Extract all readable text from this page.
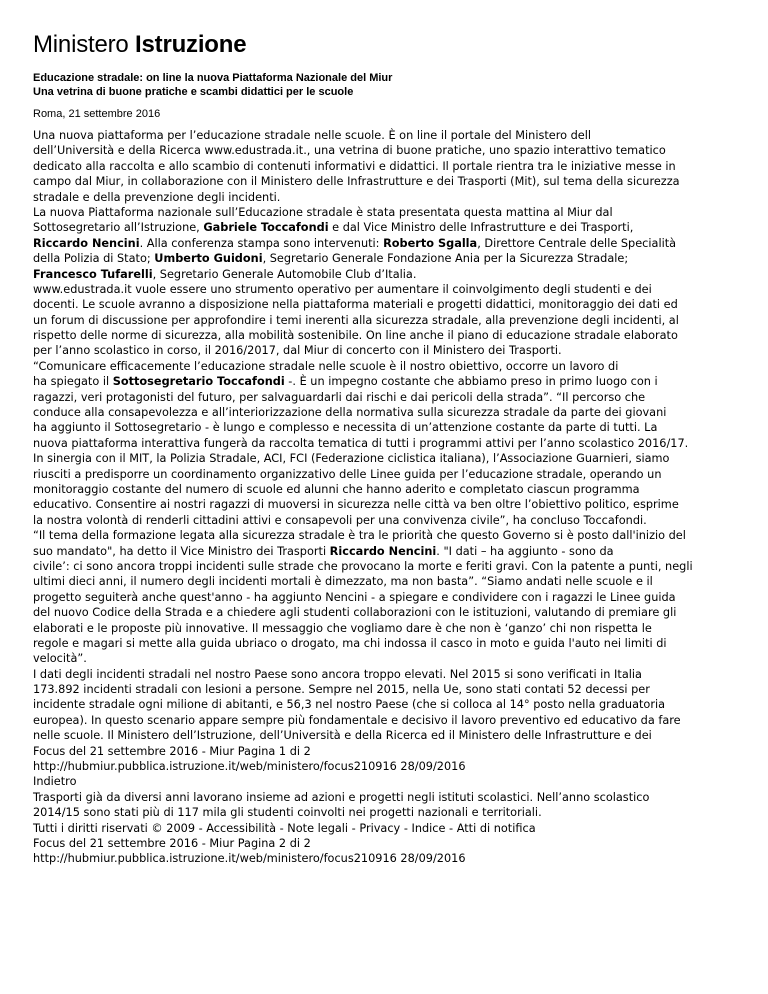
Ministero Istruzione
Educazione stradale: on line la nuova Piattaforma Nazionale del Miur
Una vetrina di buone pratiche e scambi didattici per le scuole
Roma, 21 settembre 2016
Una nuova piattaforma per l’educazione stradale nelle scuole. È on line il portale del Ministero dell
dell’Università e della Ricerca www.edustrada.it., una vetrina di buone pratiche, uno spazio interattivo tematico
dedicato alla raccolta e allo scambio di contenuti informativi e didattici. Il portale rientra tra le iniziative messe in
campo dal Miur, in collaborazione con il Ministero delle Infrastrutture e dei Trasporti (Mit), sul tema della sicurezza
stradale e della prevenzione degli incidenti.
La nuova Piattaforma nazionale sull’Educazione stradale è stata presentata questa mattina al Miur dal
Sottosegretario all’Istruzione, Gabriele Toccafondi e dal Vice Ministro delle Infrastrutture e dei Trasporti,
Riccardo Nencini. Alla conferenza stampa sono intervenuti: Roberto Sgalla, Direttore Centrale delle Specialità
della Polizia di Stato; Umberto Guidoni, Segretario Generale Fondazione Ania per la Sicurezza Stradale;
Francesco Tufarelli, Segretario Generale Automobile Club d’Italia.
www.edustrada.it vuole essere uno strumento operativo per aumentare il coinvolgimento degli studenti e dei
docenti. Le scuole avranno a disposizione nella piattaforma materiali e progetti didattici, monitoraggio dei dati ed
un forum di discussione per approfondire i temi inerenti alla sicurezza stradale, alla prevenzione degli incidenti, al
rispetto delle norme di sicurezza, alla mobilità sostenibile. On line anche il piano di educazione stradale elaborato
per l’anno scolastico in corso, il 2016/2017, dal Miur di concerto con il Ministero dei Trasporti.
“Comunicare efficacemente l’educazione stradale nelle scuole è il nostro obiettivo, occorre un lavoro di
ha spiegato il Sottosegretario Toccafondi -. È un impegno costante che abbiamo preso in primo luogo con i
ragazzi, veri protagonisti del futuro, per salvaguardarli dai rischi e dai pericoli della strada”. “Il percorso che
conduce alla consapevolezza e all’interiorizzazione della normativa sulla sicurezza stradale da parte dei giovani
ha aggiunto il Sottosegretario - è lungo e complesso e necessita di un’attenzione costante da parte di tutti. La
nuova piattaforma interattiva fungerà da raccolta tematica di tutti i programmi attivi per l’anno scolastico 2016/17.
In sinergia con il MIT, la Polizia Stradale, ACI, FCI (Federazione ciclistica italiana), l’Associazione Guarnieri, siamo
riusciti a predisporre un coordinamento organizzativo delle Linee guida per l’educazione stradale, operando un
monitoraggio costante del numero di scuole ed alunni che hanno aderito e completato ciascun programma
educativo. Consentire ai nostri ragazzi di muoversi in sicurezza nelle città va ben oltre l’obiettivo politico, esprime
la nostra volontà di renderli cittadini attivi e consapevoli per una convivenza civile”, ha concluso Toccafondi.
“Il tema della formazione legata alla sicurezza stradale è tra le priorità che questo Governo si è posto dall'inizio del
suo mandato", ha detto il Vice Ministro dei Trasporti Riccardo Nencini. "I dati – ha aggiunto - sono da
civile’: ci sono ancora troppi incidenti sulle strade che provocano la morte e feriti gravi. Con la patente a punti, negli
ultimi dieci anni, il numero degli incidenti mortali è dimezzato, ma non basta”. “Siamo andati nelle scuole e il
progetto seguiterà anche quest'anno - ha aggiunto Nencini - a spiegare e condividere con i ragazzi le Linee guida
del nuovo Codice della Strada e a chiedere agli studenti collaborazioni con le istituzioni, valutando di premiare gli
elaborati e le proposte più innovative. Il messaggio che vogliamo dare è che non è ‘ganzo’ chi non rispetta le
regole e magari si mette alla guida ubriaco o drogato, ma chi indossa il casco in moto e guida l'auto nei limiti di
velocità”.
I dati degli incidenti stradali nel nostro Paese sono ancora troppo elevati. Nel 2015 si sono verificati in Italia
173.892 incidenti stradali con lesioni a persone. Sempre nel 2015, nella Ue, sono stati contati 52 decessi per
incidente stradale ogni milione di abitanti, e 56,3 nel nostro Paese (che si colloca al 14° posto nella graduatoria
europea). In questo scenario appare sempre più fondamentale e decisivo il lavoro preventivo ed educativo da fare
nelle scuole. Il Ministero dell’Istruzione, dell’Università e della Ricerca ed il Ministero delle Infrastrutture e dei
Focus del 21 settembre 2016 - Miur Pagina 1 di 2
http://hubmiur.pubblica.istruzione.it/web/ministero/focus210916 28/09/2016
Indietro
Trasporti già da diversi anni lavorano insieme ad azioni e progetti negli istituti scolastici. Nell’anno scolastico
2014/15 sono stati più di 117 mila gli studenti coinvolti nei progetti nazionali e territoriali.
Tutti i diritti riservati © 2009 - Accessibilità - Note legali - Privacy - Indice - Atti di notifica
Focus del 21 settembre 2016 - Miur Pagina 2 di 2
http://hubmiur.pubblica.istruzione.it/web/ministero/focus210916 28/09/2016
